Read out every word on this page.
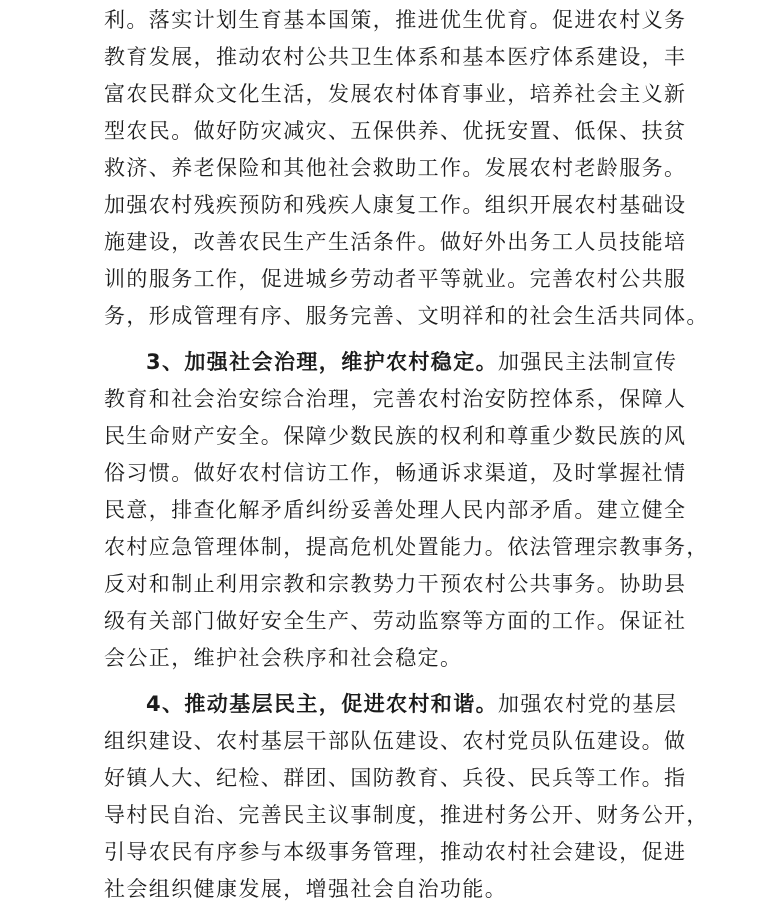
利。落实计划生育基本国策，推进优生优育。促进农村义务
教育发展，推动农村公共卫生体系和基本医疗体系建设，丰
富农民群众文化生活，发展农村体育事业，培养社会主义新
型农民。做好防灾减灾、五保供养、优抚安置、低保、扶贫
救济、养老保险和其他社会救助工作。发展农村老龄服务。
加强农村残疾预防和残疾人康复工作。组织开展农村基础设
施建设，改善农民生产生活条件。做好外出务工人员技能培
训的服务工作，促进城乡劳动者平等就业。完善农村公共服
务，形成管理有序、服务完善、文明祥和的社会生活共同体。
3、加强社会治理，维护农村稳定。加强民主法制宣传
教育和社会治安综合治理，完善农村治安防控体系，保障人
民生命财产安全。保障少数民族的权利和尊重少数民族的风
俗习惯。做好农村信访工作，畅通诉求渠道，及时掌握社情
民意，排查化解矛盾纠纷妥善处理人民内部矛盾。建立健全
农村应急管理体制，提高危机处置能力。依法管理宗教事务，
反对和制止利用宗教和宗教势力干预农村公共事务。协助县
级有关部门做好安全生产、劳动监察等方面的工作。保证社
会公正，维护社会秩序和社会稳定。
4、推动基层民主，促进农村和谐。加强农村党的基层
组织建设、农村基层干部队伍建设、农村党员队伍建设。做
好镇人大、纪检、群团、国防教育、兵役、民兵等工作。指
导村民自治、完善民主议事制度，推进村务公开、财务公开，
引导农民有序参与本级事务管理，推动农村社会建设，促进
社会组织健康发展，增强社会自治功能。
